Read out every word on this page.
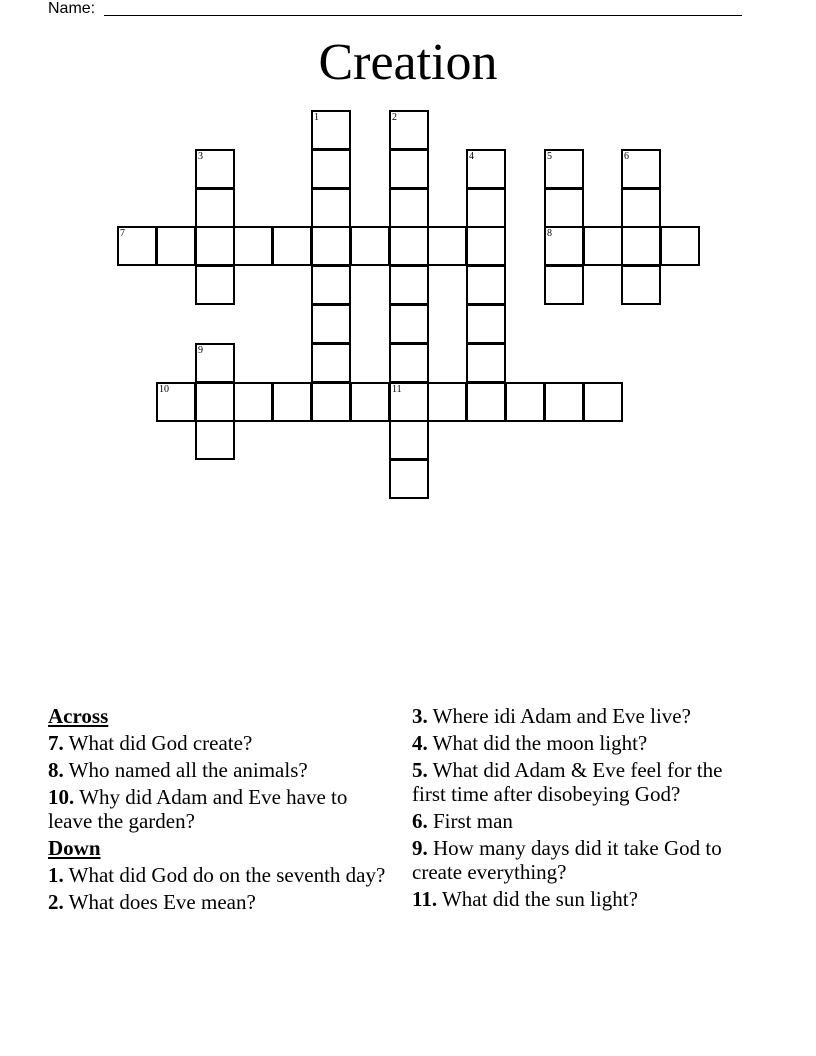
Name:
Creation
1	2
3	4	5	6
7	8
9
10	11
Across
7. What did God create?
8. Who named all the animals?
10. Why did Adam and Eve have to leave the garden?
Down
1. What did God do on the seventh day?
2. What does Eve mean?
3. Where idi Adam and Eve live?
4. What did the moon light?
5. What did Adam & Eve feel for the first time after disobeying God?
6. First man
9. How many days did it take God to create everything?
11. What did the sun light?
